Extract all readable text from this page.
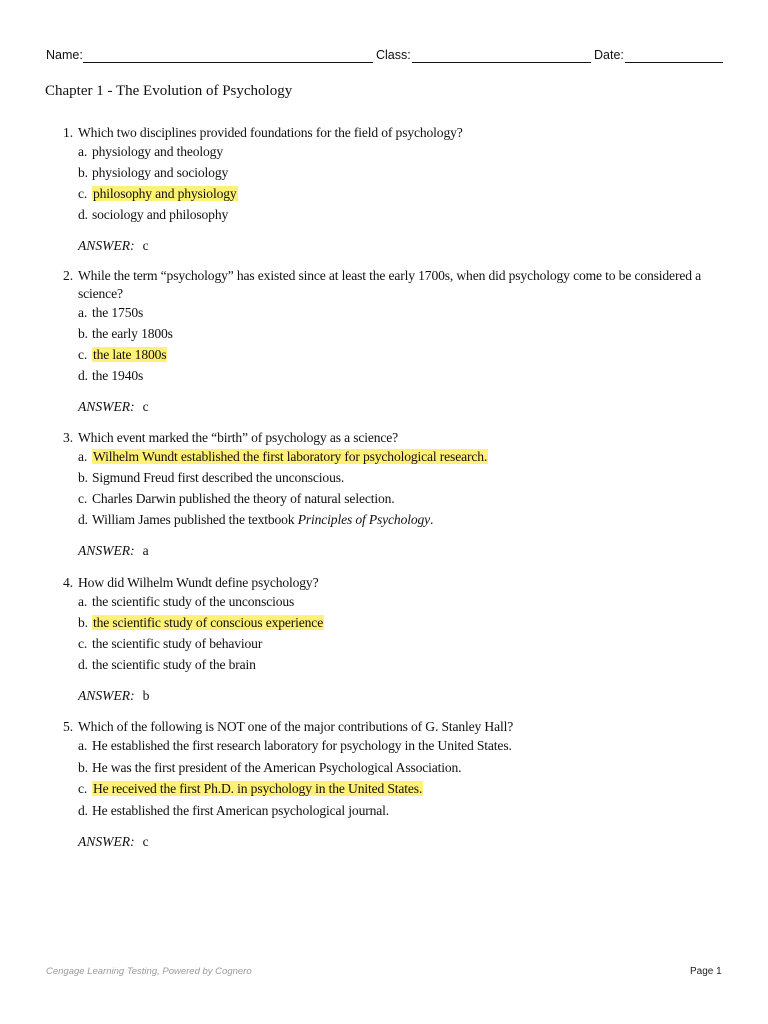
Name:	Class:	Date:
Chapter 1 - The Evolution of Psychology
1. Which two disciplines provided foundations for the field of psychology?
a. physiology and theology
b. physiology and sociology
c. philosophy and physiology
d. sociology and philosophy
ANSWER: c
2. While the term “psychology” has existed since at least the early 1700s, when did psychology come to be considered a science?
a. the 1750s
b. the early 1800s
c. the late 1800s
d. the 1940s
ANSWER: c
3. Which event marked the “birth” of psychology as a science?
a. Wilhelm Wundt established the first laboratory for psychological research.
b. Sigmund Freud first described the unconscious.
c. Charles Darwin published the theory of natural selection.
d. William James published the textbook Principles of Psychology.
ANSWER: a
4. How did Wilhelm Wundt define psychology?
a. the scientific study of the unconscious
b. the scientific study of conscious experience
c. the scientific study of behaviour
d. the scientific study of the brain
ANSWER: b
5. Which of the following is NOT one of the major contributions of G. Stanley Hall?
a. He established the first research laboratory for psychology in the United States.
b. He was the first president of the American Psychological Association.
c. He received the first Ph.D. in psychology in the United States.
d. He established the first American psychological journal.
ANSWER: c
Cengage Learning Testing, Powered by Cognero	Page 1
